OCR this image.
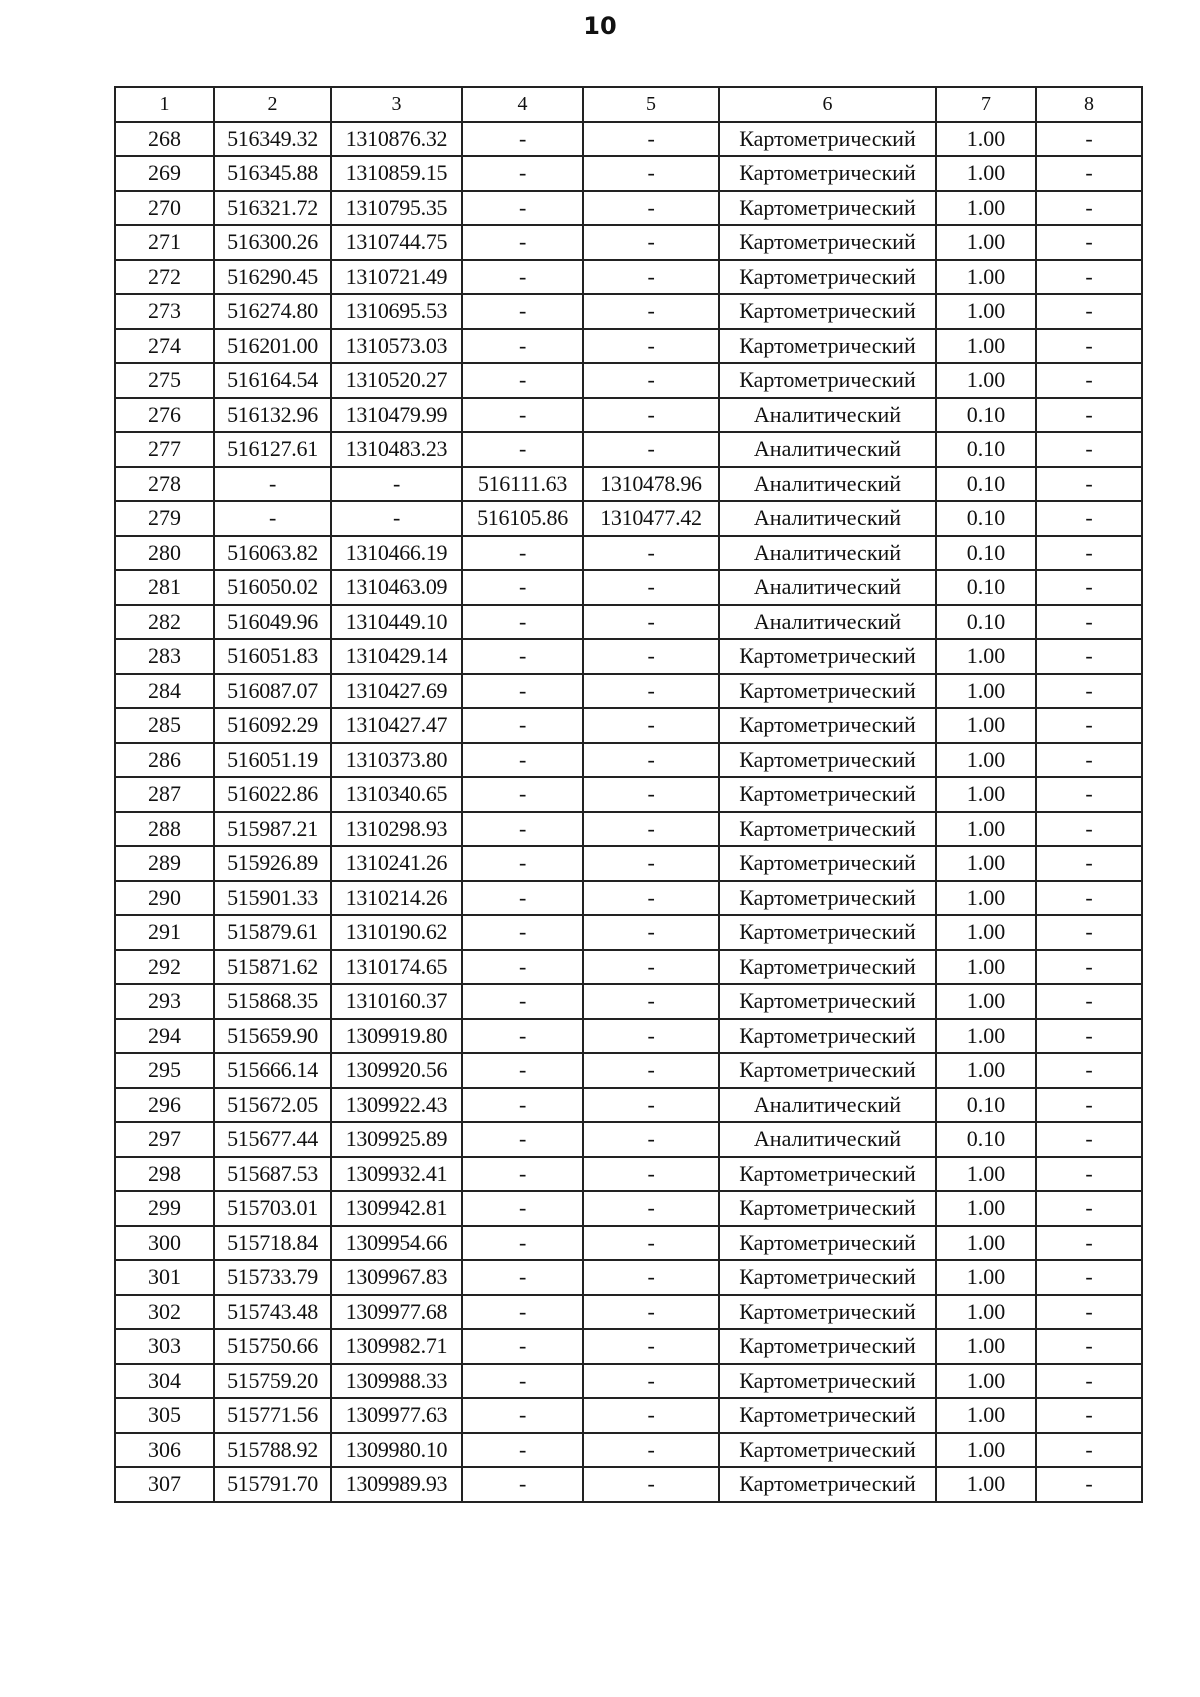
10
1	2	3	4	5	6	7	8
268	516349.32	1310876.32	-	-	Картометрический	1.00	-
269	516345.88	1310859.15	-	-	Картометрический	1.00	-
270	516321.72	1310795.35	-	-	Картометрический	1.00	-
271	516300.26	1310744.75	-	-	Картометрический	1.00	-
272	516290.45	1310721.49	-	-	Картометрический	1.00	-
273	516274.80	1310695.53	-	-	Картометрический	1.00	-
274	516201.00	1310573.03	-	-	Картометрический	1.00	-
275	516164.54	1310520.27	-	-	Картометрический	1.00	-
276	516132.96	1310479.99	-	-	Аналитический	0.10	-
277	516127.61	1310483.23	-	-	Аналитический	0.10	-
278	-	-	516111.63	1310478.96	Аналитический	0.10	-
279	-	-	516105.86	1310477.42	Аналитический	0.10	-
280	516063.82	1310466.19	-	-	Аналитический	0.10	-
281	516050.02	1310463.09	-	-	Аналитический	0.10	-
282	516049.96	1310449.10	-	-	Аналитический	0.10	-
283	516051.83	1310429.14	-	-	Картометрический	1.00	-
284	516087.07	1310427.69	-	-	Картометрический	1.00	-
285	516092.29	1310427.47	-	-	Картометрический	1.00	-
286	516051.19	1310373.80	-	-	Картометрический	1.00	-
287	516022.86	1310340.65	-	-	Картометрический	1.00	-
288	515987.21	1310298.93	-	-	Картометрический	1.00	-
289	515926.89	1310241.26	-	-	Картометрический	1.00	-
290	515901.33	1310214.26	-	-	Картометрический	1.00	-
291	515879.61	1310190.62	-	-	Картометрический	1.00	-
292	515871.62	1310174.65	-	-	Картометрический	1.00	-
293	515868.35	1310160.37	-	-	Картометрический	1.00	-
294	515659.90	1309919.80	-	-	Картометрический	1.00	-
295	515666.14	1309920.56	-	-	Картометрический	1.00	-
296	515672.05	1309922.43	-	-	Аналитический	0.10	-
297	515677.44	1309925.89	-	-	Аналитический	0.10	-
298	515687.53	1309932.41	-	-	Картометрический	1.00	-
299	515703.01	1309942.81	-	-	Картометрический	1.00	-
300	515718.84	1309954.66	-	-	Картометрический	1.00	-
301	515733.79	1309967.83	-	-	Картометрический	1.00	-
302	515743.48	1309977.68	-	-	Картометрический	1.00	-
303	515750.66	1309982.71	-	-	Картометрический	1.00	-
304	515759.20	1309988.33	-	-	Картометрический	1.00	-
305	515771.56	1309977.63	-	-	Картометрический	1.00	-
306	515788.92	1309980.10	-	-	Картометрический	1.00	-
307	515791.70	1309989.93	-	-	Картометрический	1.00	-
